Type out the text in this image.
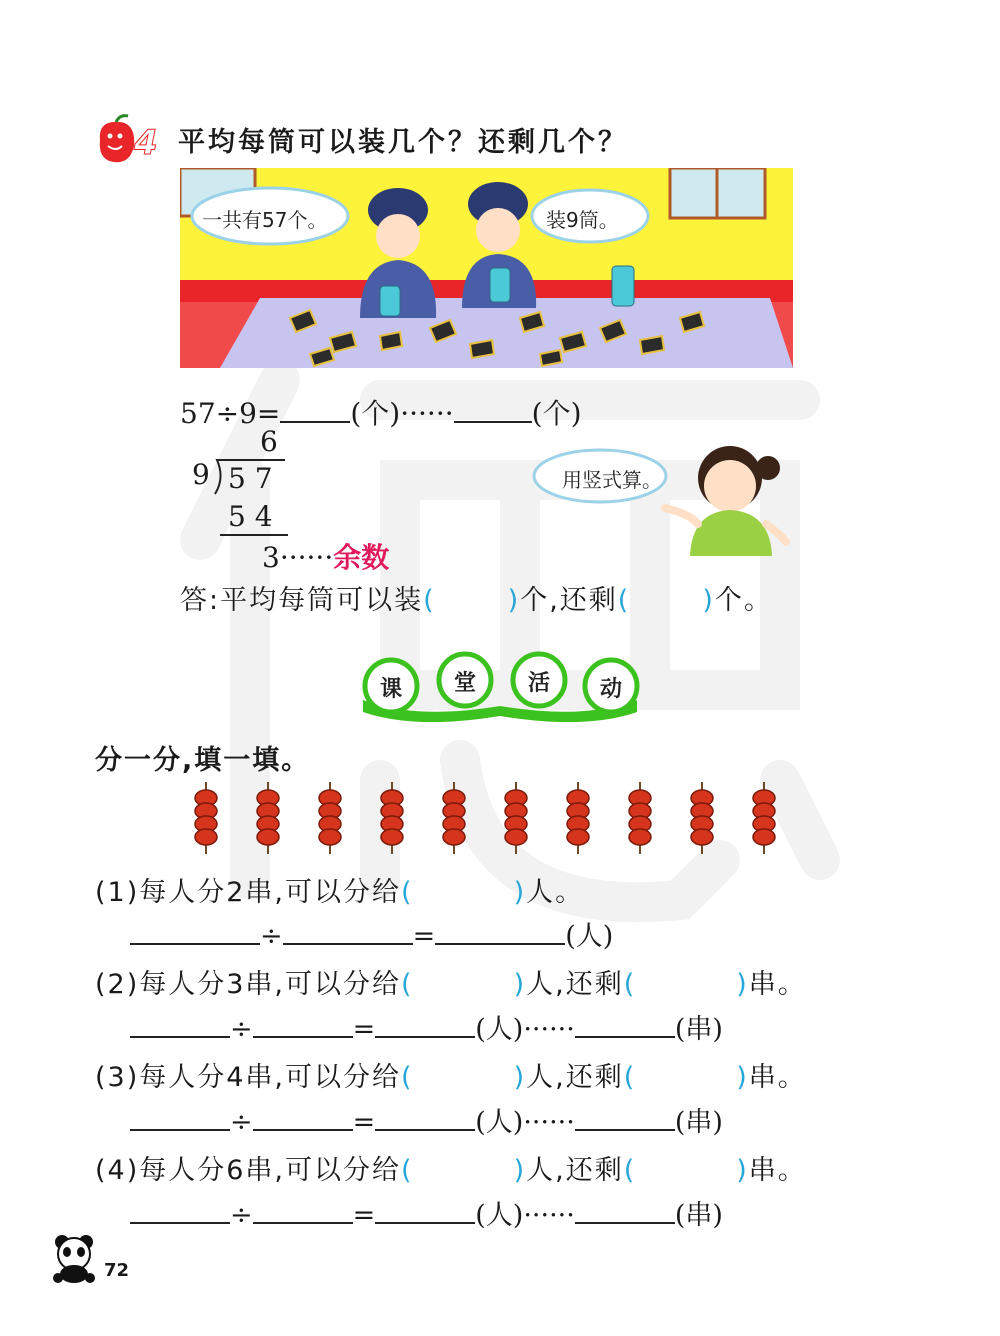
4 平均每筒可以装几个？还剩几个？
一共有57个。	装9筒。
57÷9=	(个)······	(个)
6
9 5 7
5 4
3······余数
用竖式算。
答:平均每筒可以装(	)个,还剩(	)个。
课 堂 活 动
分一分,填一填。
(1)每人分2串,可以分给(	)人。
÷	=	(人)
(2)每人分3串,可以分给(	)人,还剩(	)串。
÷	=	(人)······	(串)
(3)每人分4串,可以分给(	)人,还剩(	)串。
÷	=	(人)······	(串)
(4)每人分6串,可以分给(	)人,还剩(	)串。
÷	=	(人)······	(串)
72
